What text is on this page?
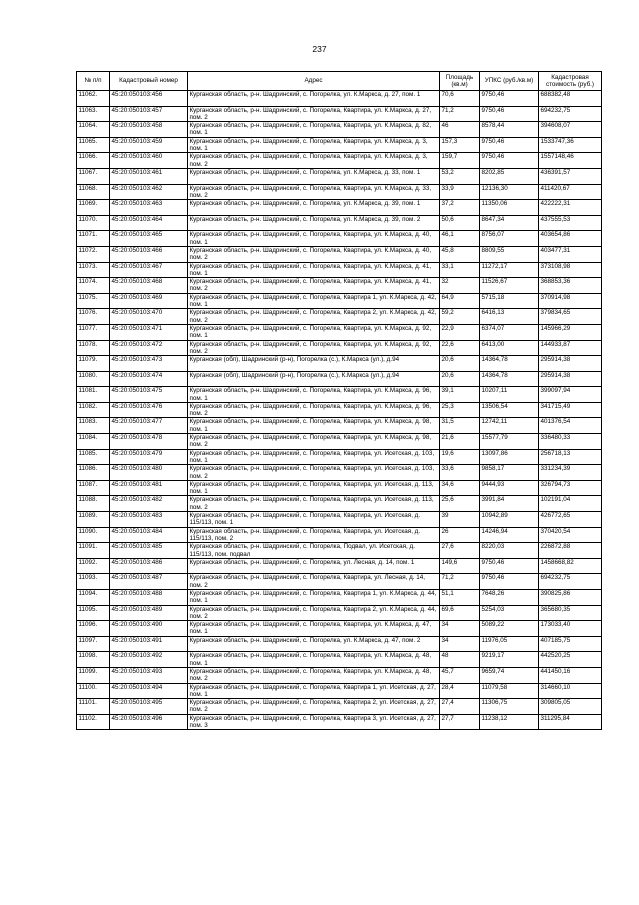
237
№ п/п	Кадастровый номер	Адрес	Площадь (кв.м)	УПКС (руб./кв.м)	Кадастровая стоимость (руб.)
11062.	45:20:050103:456	Курганская область, р-н. Шадринский, с. Погорелка, ул. К.Маркса, д. 27, пом. 1	70,6	9750,46	688382,48
11063.	45:20:050103:457	Курганская область, р-н. Шадринский, с. Погорелка, Квартира, ул. К.Маркса, д. 27, пом. 2	71,2	9750,46	694232,75
11064.	45:20:050103:458	Курганская область, р-н. Шадринский, с. Погорелка, Квартира, ул. К.Маркса, д. 82, пом. 1	46	8578,44	394608,07
11065.	45:20:050103:459	Курганская область, р-н. Шадринский, с. Погорелка, Квартира, ул. К.Маркса, д. 3, пом. 1	157,3	9750,46	1533747,36
11066.	45:20:050103:460	Курганская область, р-н. Шадринский, с. Погорелка, Квартира, ул. К.Маркса, д. 3, пом. 2	159,7	9750,46	1557148,46
11067.	45:20:050103:461	Курганская область, р-н. Шадринский, с. Погорелка, ул. К.Маркса, д. 33, пом. 1	53,2	8202,85	436391,57
11068.	45:20:050103:462	Курганская область, р-н. Шадринский, с. Погорелка, Квартира, ул. К.Маркса, д. 33, пом. 2	33,9	12136,30	411420,67
11069.	45:20:050103:463	Курганская область, р-н. Шадринский, с. Погорелка, ул. К.Маркса, д. 39, пом. 1	37,2	11350,06	422222,31
11070.	45:20:050103:464	Курганская область, р-н. Шадринский, с. Погорелка, ул. К.Маркса, д. 39, пом. 2	50,6	8647,34	437555,53
11071.	45:20:050103:465	Курганская область, р-н. Шадринский, с. Погорелка, Квартира, ул. К.Маркса, д. 40, пом. 1	46,1	8756,07	403654,86
11072.	45:20:050103:466	Курганская область, р-н. Шадринский, с. Погорелка, Квартира, ул. К.Маркса, д. 40, пом. 2	45,8	8809,55	403477,31
11073.	45:20:050103:467	Курганская область, р-н. Шадринский, с. Погорелка, Квартира, ул. К.Маркса, д. 41, пом. 1	33,1	11272,17	373108,98
11074.	45:20:050103:468	Курганская область, р-н. Шадринский, с. Погорелка, Квартира, ул. К.Маркса, д. 41, пом. 2	32	11526,67	368853,36
11075.	45:20:050103:469	Курганская область, р-н. Шадринский, с. Погорелка, Квартира 1, ул. К.Маркса, д. 42, пом. 1	64,9	5715,18	370914,98
11076.	45:20:050103:470	Курганская область, р-н. Шадринский, с. Погорелка, Квартира 2, ул. К.Маркса, д. 42, пом. 2	59,2	6416,13	379834,65
11077.	45:20:050103:471	Курганская область, р-н. Шадринский, с. Погорелка, Квартира, ул. К.Маркса, д. 92, пом. 1	22,9	6374,07	145966,29
11078.	45:20:050103:472	Курганская область, р-н. Шадринский, с. Погорелка, Квартира, ул. К.Маркса, д. 92, пом. 2	22,6	6413,00	144933,87
11079.	45:20:050103:473	Курганская (обл), Шадринский (р-н), Погорелка (с.), К.Маркса (ул.), д.94	20,6	14364,78	295914,38
11080.	45:20:050103:474	Курганская (обл), Шадринский (р-н), Погорелка (с.), К.Маркса (ул.), д.94	20,6	14364,78	295914,38
11081.	45:20:050103:475	Курганская область, р-н. Шадринский, с. Погорелка, Квартира, ул. К.Маркса, д. 96, пом. 1	39,1	10207,11	399097,94
11082.	45:20:050103:476	Курганская область, р-н. Шадринский, с. Погорелка, Квартира, ул. К.Маркса, д. 96, пом. 2	25,3	13506,54	341715,49
11083.	45:20:050103:477	Курганская область, р-н. Шадринский, с. Погорелка, Квартира, ул. К.Маркса, д. 98, пом. 1	31,5	12742,11	401376,54
11084.	45:20:050103:478	Курганская область, р-н. Шадринский, с. Погорелка, Квартира, ул. К.Маркса, д. 98, пом. 2	21,6	15577,79	336480,33
11085.	45:20:050103:479	Курганская область, р-н. Шадринский, с. Погорелка, Квартира, ул. Исетская, д. 103, пом. 1	19,6	13097,86	256718,13
11086.	45:20:050103:480	Курганская область, р-н. Шадринский, с. Погорелка, Квартира, ул. Исетская, д. 103, пом. 2	33,6	9858,17	331234,39
11087.	45:20:050103:481	Курганская область, р-н. Шадринский, с. Погорелка, Квартира, ул. Исетская, д. 113, пом. 1	34,6	9444,93	326794,73
11088.	45:20:050103:482	Курганская область, р-н. Шадринский, с. Погорелка, Квартира, ул. Исетская, д. 113, пом. 2	25,6	3991,84	102191,04
11089.	45:20:050103:483	Курганская область, р-н. Шадринский, с. Погорелка, Квартира, ул. Исетская, д. 115/113, пом. 1	39	10942,89	426772,65
11090.	45:20:050103:484	Курганская область, р-н. Шадринский, с. Погорелка, Квартира, ул. Исетская, д. 115/113, пом. 2	26	14246,94	370420,54
11091.	45:20:050103:485	Курганская область, р-н. Шадринский, с. Погорелка, Подвал, ул. Исетская, д. 115/113, пом. подвал	27,6	8220,03	226872,88
11092.	45:20:050103:486	Курганская область, р-н. Шадринский, с. Погорелка, ул. Лесная, д. 14, пом. 1	149,6	9750,46	1458668,82
11093.	45:20:050103:487	Курганская область, р-н. Шадринский, с. Погорелка, Квартира, ул. Лесная, д. 14, пом. 2	71,2	9750,46	694232,75
11094.	45:20:050103:488	Курганская область, р-н. Шадринский, с. Погорелка, Квартира 1, ул. К.Маркса, д. 44, пом. 1	51,1	7648,26	390825,86
11095.	45:20:050103:489	Курганская область, р-н. Шадринский, с. Погорелка, Квартира 2, ул. К.Маркса, д. 44, пом. 2	69,6	5254,03	365680,35
11096.	45:20:050103:490	Курганская область, р-н. Шадринский, с. Погорелка, Квартира, ул. К.Маркса, д. 47, пом. 1	34	5089,22	173033,40
11097.	45:20:050103:491	Курганская область, р-н. Шадринский, с. Погорелка, ул. К.Маркса, д. 47, пом. 2	34	11976,05	407185,75
11098.	45:20:050103:492	Курганская область, р-н. Шадринский, с. Погорелка, Квартира, ул. К.Маркса, д. 48, пом. 1	48	9219,17	442520,25
11099.	45:20:050103:493	Курганская область, р-н. Шадринский, с. Погорелка, Квартира, ул. К.Маркса, д. 48, пом. 2	45,7	9659,74	441450,16
11100.	45:20:050103:494	Курганская область, р-н. Шадринский, с. Погорелка, Квартира 1, ул. Исетская, д. 27, пом. 1	28,4	11079,58	314660,10
11101.	45:20:050103:495	Курганская область, р-н. Шадринский, с. Погорелка, Квартира 2, ул. Исетская, д. 27, пом. 2	27,4	11306,75	309805,05
11102.	45:20:050103:496	Курганская область, р-н. Шадринский, с. Погорелка, Квартира 3, ул. Исетская, д. 27, пом. 3	27,7	11238,12	311295,84
